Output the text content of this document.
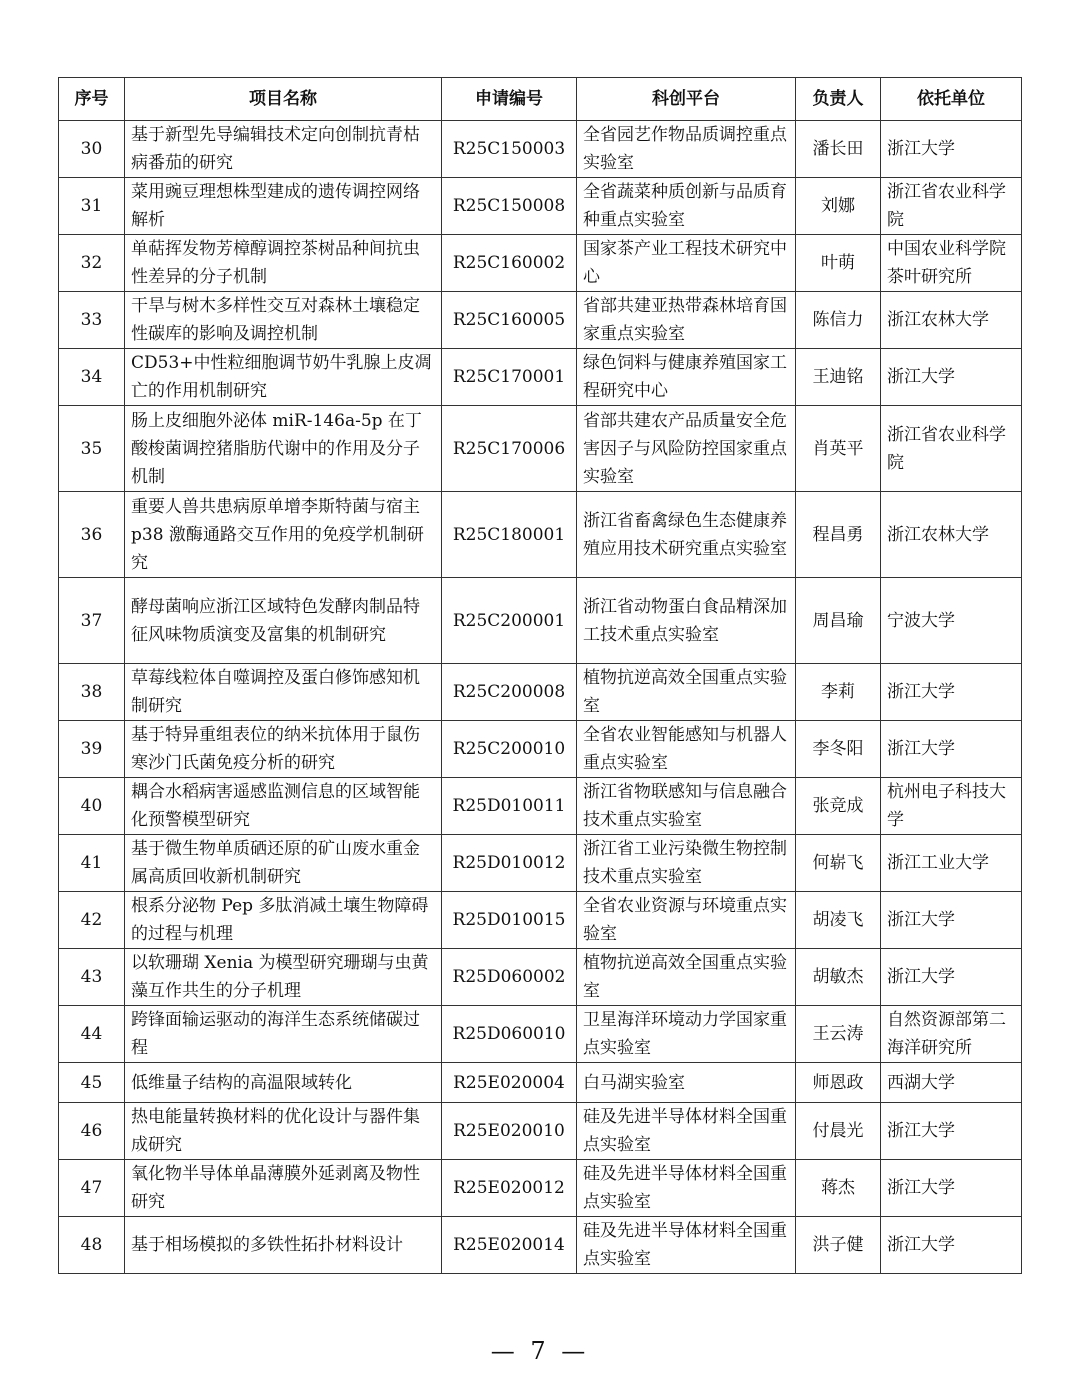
序号	项目名称	申请编号	科创平台	负责人	依托单位
30	基于新型先导编辑技术定向创制抗青枯病番茄的研究	R25C150003	全省园艺作物品质调控重点实验室	潘长田	浙江大学
31	菜用豌豆理想株型建成的遗传调控网络解析	R25C150008	全省蔬菜种质创新与品质育种重点实验室	刘娜	浙江省农业科学院
32	单萜挥发物芳樟醇调控茶树品种间抗虫性差异的分子机制	R25C160002	国家茶产业工程技术研究中心	叶萌	中国农业科学院茶叶研究所
33	干旱与树木多样性交互对森林土壤稳定性碳库的影响及调控机制	R25C160005	省部共建亚热带森林培育国家重点实验室	陈信力	浙江农林大学
34	CD53+中性粒细胞调节奶牛乳腺上皮凋亡的作用机制研究	R25C170001	绿色饲料与健康养殖国家工程研究中心	王迪铭	浙江大学
35	肠上皮细胞外泌体 miR-146a-5p 在丁酸梭菌调控猪脂肪代谢中的作用及分子机制	R25C170006	省部共建农产品质量安全危害因子与风险防控国家重点实验室	肖英平	浙江省农业科学院
36	重要人兽共患病原单增李斯特菌与宿主 p38 激酶通路交互作用的免疫学机制研究	R25C180001	浙江省畜禽绿色生态健康养殖应用技术研究重点实验室	程昌勇	浙江农林大学
37	酵母菌响应浙江区域特色发酵肉制品特征风味物质演变及富集的机制研究	R25C200001	浙江省动物蛋白食品精深加工技术重点实验室	周昌瑜	宁波大学
38	草莓线粒体自噬调控及蛋白修饰感知机制研究	R25C200008	植物抗逆高效全国重点实验室	李莉	浙江大学
39	基于特异重组表位的纳米抗体用于鼠伤寒沙门氏菌免疫分析的研究	R25C200010	全省农业智能感知与机器人重点实验室	李冬阳	浙江大学
40	耦合水稻病害遥感监测信息的区域智能化预警模型研究	R25D010011	浙江省物联感知与信息融合技术重点实验室	张竞成	杭州电子科技大学
41	基于微生物单质硒还原的矿山废水重金属高质回收新机制研究	R25D010012	浙江省工业污染微生物控制技术重点实验室	何崭飞	浙江工业大学
42	根系分泌物 Pep 多肽消减土壤生物障碍的过程与机理	R25D010015	全省农业资源与环境重点实验室	胡凌飞	浙江大学
43	以软珊瑚 Xenia 为模型研究珊瑚与虫黄藻互作共生的分子机理	R25D060002	植物抗逆高效全国重点实验室	胡敏杰	浙江大学
44	跨锋面输运驱动的海洋生态系统储碳过程	R25D060010	卫星海洋环境动力学国家重点实验室	王云涛	自然资源部第二海洋研究所
45	低维量子结构的高温限域转化	R25E020004	白马湖实验室	师恩政	西湖大学
46	热电能量转换材料的优化设计与器件集成研究	R25E020010	硅及先进半导体材料全国重点实验室	付晨光	浙江大学
47	氧化物半导体单晶薄膜外延剥离及物性研究	R25E020012	硅及先进半导体材料全国重点实验室	蒋杰	浙江大学
48	基于相场模拟的多铁性拓扑材料设计	R25E020014	硅及先进半导体材料全国重点实验室	洪子健	浙江大学
— 7 —
